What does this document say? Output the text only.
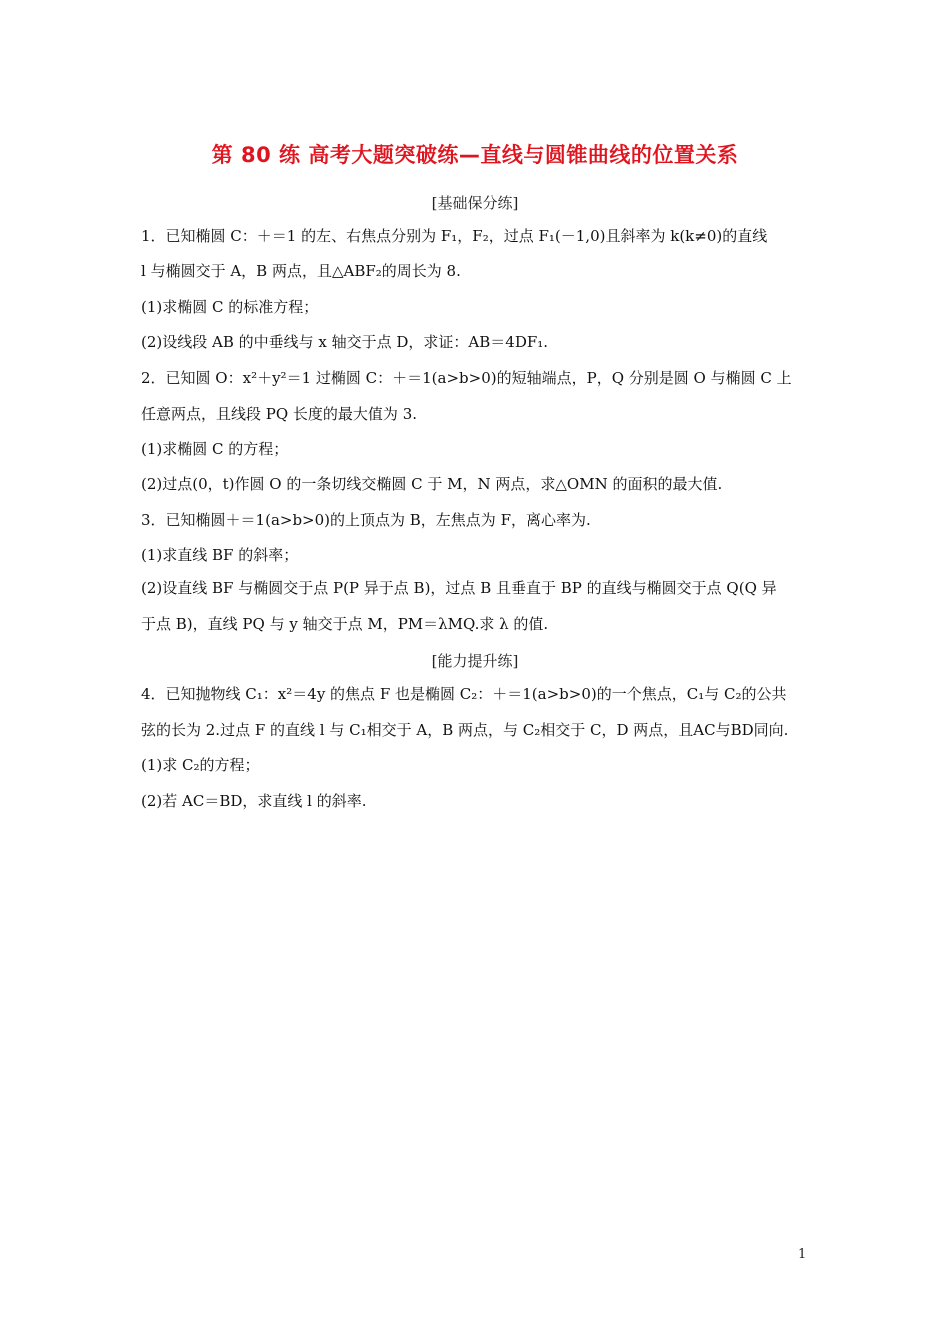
第 80 练 高考大题突破练—直线与圆锥曲线的位置关系
[基础保分练]
1．已知椭圆 C：＋＝1 的左、右焦点分别为 F₁，F₂，过点 F₁(－1,0)且斜率为 k(k≠0)的直线
l 与椭圆交于 A，B 两点，且△ABF₂的周长为 8.
(1)求椭圆 C 的标准方程；
(2)设线段 AB 的中垂线与 x 轴交于点 D，求证：AB＝4DF₁.
2．已知圆 O：x²＋y²＝1 过椭圆 C：＋＝1(a>b>0)的短轴端点，P，Q 分别是圆 O 与椭圆 C 上
任意两点，且线段 PQ 长度的最大值为 3.
(1)求椭圆 C 的方程；
(2)过点(0，t)作圆 O 的一条切线交椭圆 C 于 M，N 两点，求△OMN 的面积的最大值.
3．已知椭圆＋＝1(a>b>0)的上顶点为 B，左焦点为 F，离心率为.
(1)求直线 BF 的斜率；
(2)设直线 BF 与椭圆交于点 P(P 异于点 B)，过点 B 且垂直于 BP 的直线与椭圆交于点 Q(Q 异
于点 B)，直线 PQ 与 y 轴交于点 M，PM＝λMQ.求 λ 的值.
[能力提升练]
4．已知抛物线 C₁：x²＝4y 的焦点 F 也是椭圆 C₂：＋＝1(a>b>0)的一个焦点，C₁与 C₂的公共
弦的长为 2.过点 F 的直线 l 与 C₁相交于 A，B 两点，与 C₂相交于 C，D 两点，且AC与BD同向.
(1)求 C₂的方程；
(2)若 AC＝BD，求直线 l 的斜率.
1
